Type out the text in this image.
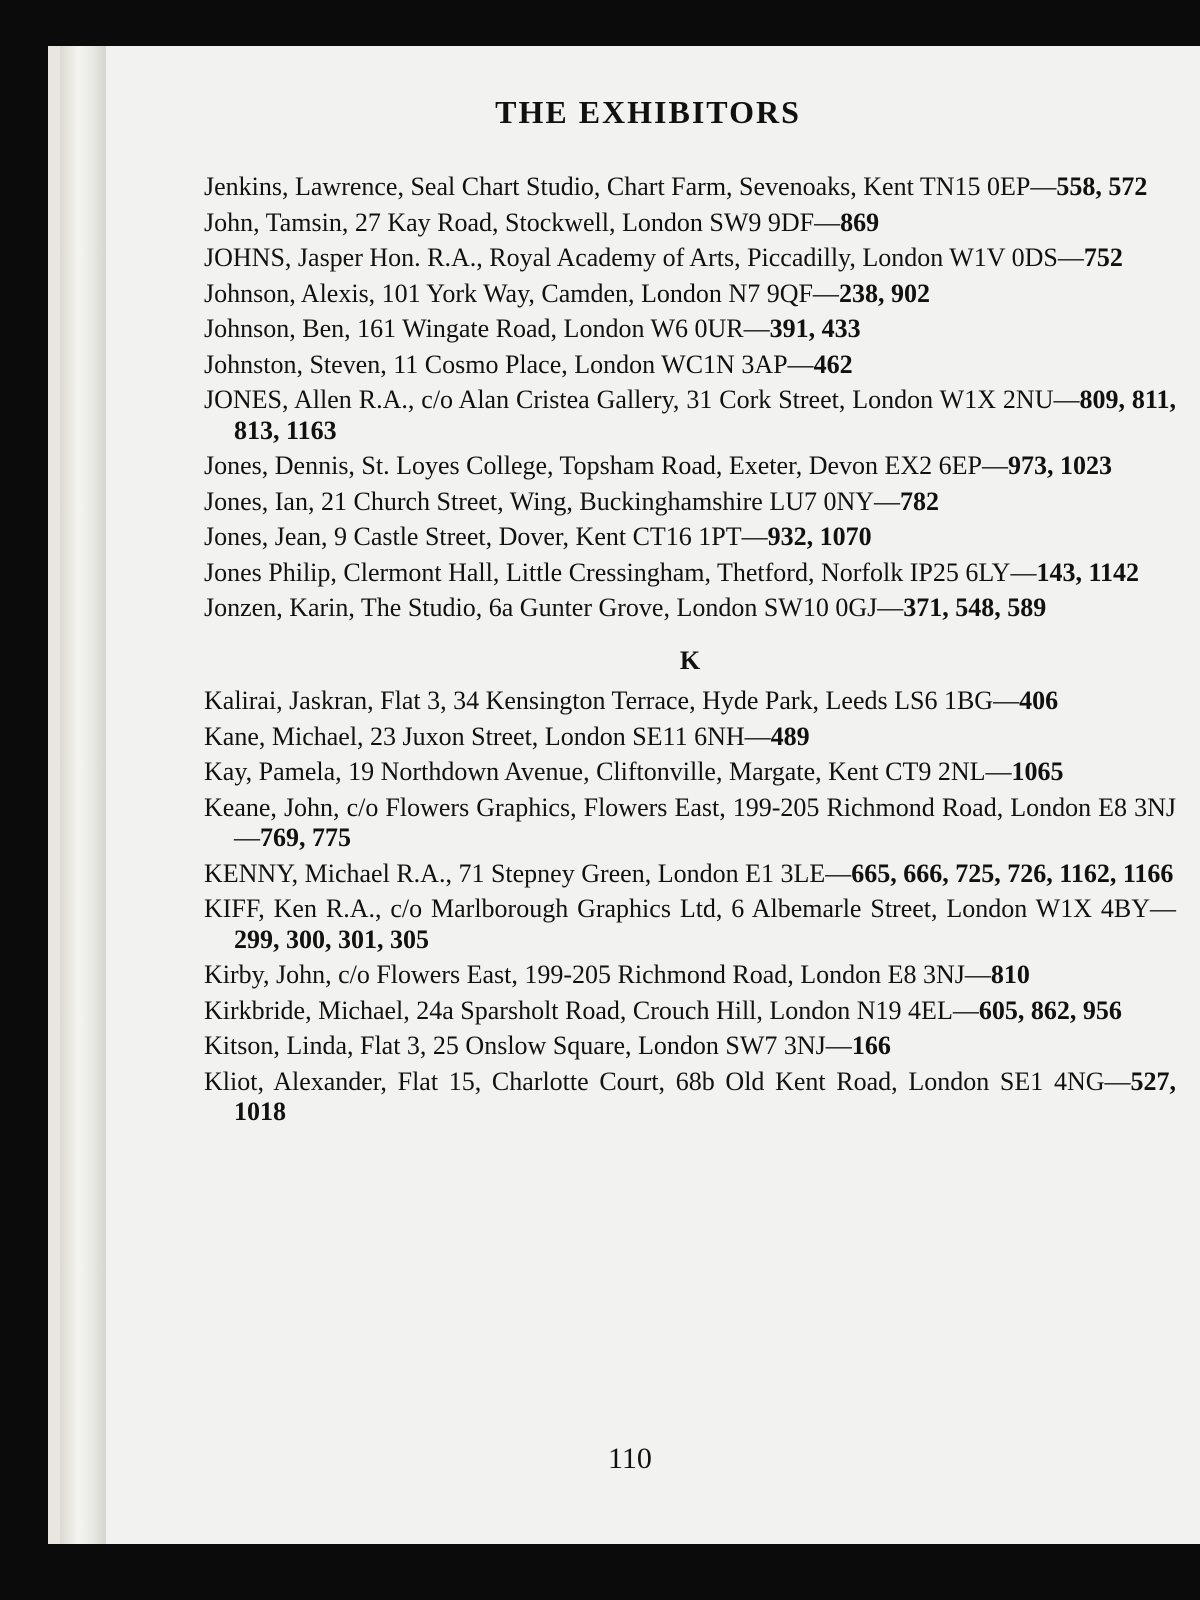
THE EXHIBITORS

Jenkins, Lawrence, Seal Chart Studio, Chart Farm, Sevenoaks, Kent TN15 0EP—558, 572

John, Tamsin, 27 Kay Road, Stockwell, London SW9 9DF—869

JOHNS, Jasper Hon. R.A., Royal Academy of Arts, Piccadilly, London W1V 0DS—752

Johnson, Alexis, 101 York Way, Camden, London N7 9QF—238, 902

Johnson, Ben, 161 Wingate Road, London W6 0UR—391, 433

Johnston, Steven, 11 Cosmo Place, London WC1N 3AP—462

JONES, Allen R.A., c/o Alan Cristea Gallery, 31 Cork Street, London W1X 2NU—809, 811, 813, 1163

Jones, Dennis, St. Loyes College, Topsham Road, Exeter, Devon EX2 6EP—973, 1023

Jones, Ian, 21 Church Street, Wing, Buckinghamshire LU7 0NY—782

Jones, Jean, 9 Castle Street, Dover, Kent CT16 1PT—932, 1070

Jones Philip, Clermont Hall, Little Cressingham, Thetford, Norfolk IP25 6LY—143, 1142

Jonzen, Karin, The Studio, 6a Gunter Grove, London SW10 0GJ—371, 548, 589

K

Kalirai, Jaskran, Flat 3, 34 Kensington Terrace, Hyde Park, Leeds LS6 1BG—406

Kane, Michael, 23 Juxon Street, London SE11 6NH—489

Kay, Pamela, 19 Northdown Avenue, Cliftonville, Margate, Kent CT9 2NL—1065

Keane, John, c/o Flowers Graphics, Flowers East, 199-205 Richmond Road, London E8 3NJ—769, 775

KENNY, Michael R.A., 71 Stepney Green, London E1 3LE—665, 666, 725, 726, 1162, 1166

KIFF, Ken R.A., c/o Marlborough Graphics Ltd, 6 Albemarle Street, London W1X 4BY—299, 300, 301, 305

Kirby, John, c/o Flowers East, 199-205 Richmond Road, London E8 3NJ—810

Kirkbride, Michael, 24a Sparsholt Road, Crouch Hill, London N19 4EL—605, 862, 956

Kitson, Linda, Flat 3, 25 Onslow Square, London SW7 3NJ—166

Kliot, Alexander, Flat 15, Charlotte Court, 68b Old Kent Road, London SE1 4NG—527, 1018

110
